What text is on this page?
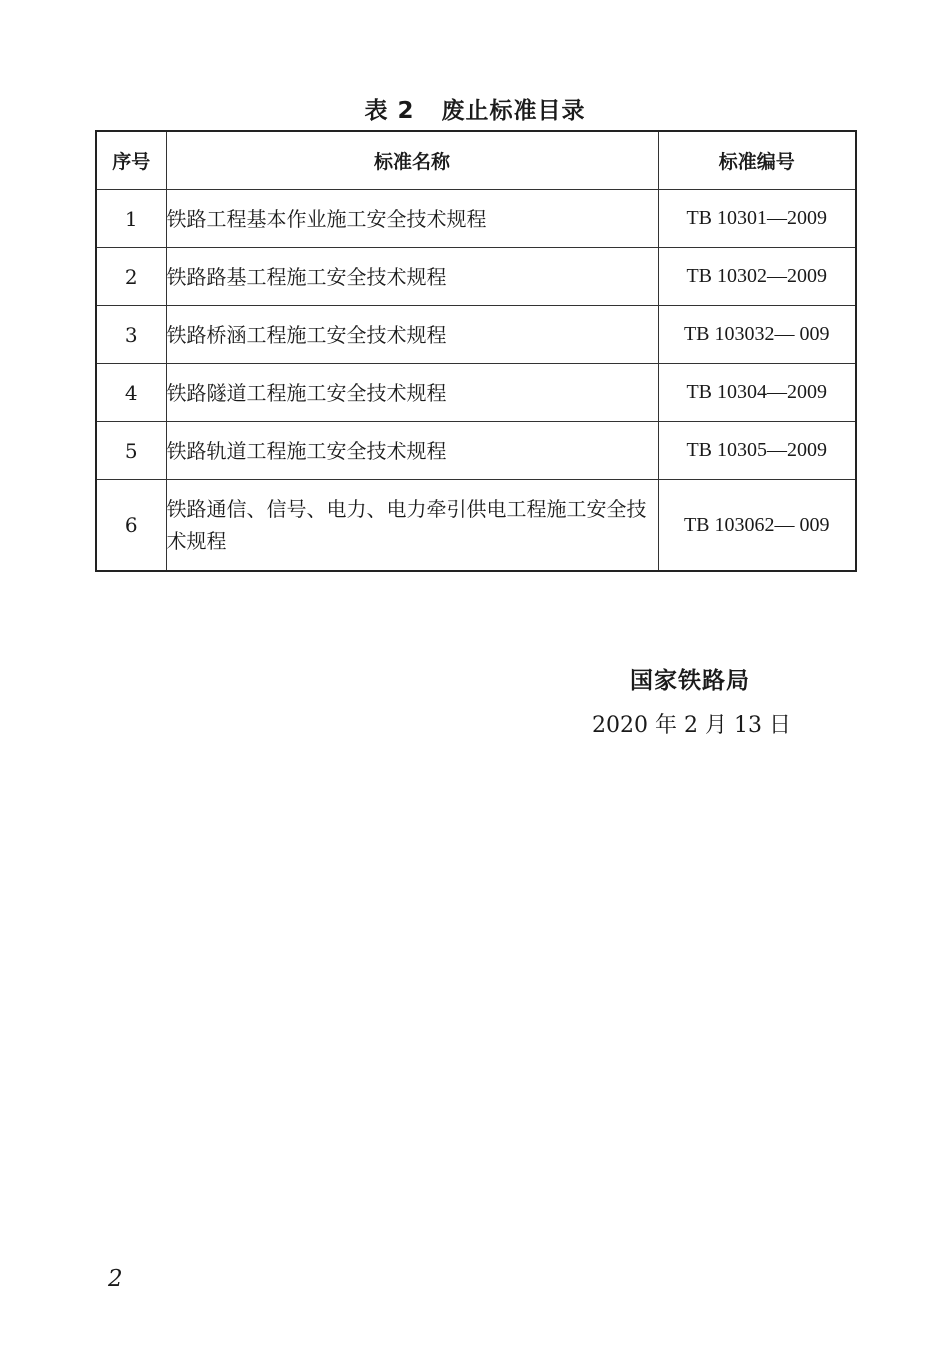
表 2   废止标准目录
序号	标准名称	标准编号
1	铁路工程基本作业施工安全技术规程	TB 10301—2009
2	铁路路基工程施工安全技术规程	TB 10302—2009
3	铁路桥涵工程施工安全技术规程	TB 103032— 009
4	铁路隧道工程施工安全技术规程	TB 10304—2009
5	铁路轨道工程施工安全技术规程	TB 10305—2009
6	铁路通信、信号、电力、电力牵引供电工程施工安全技术规程	TB 103062— 009
国家铁路局
2020 年 2 月 13 日
2
